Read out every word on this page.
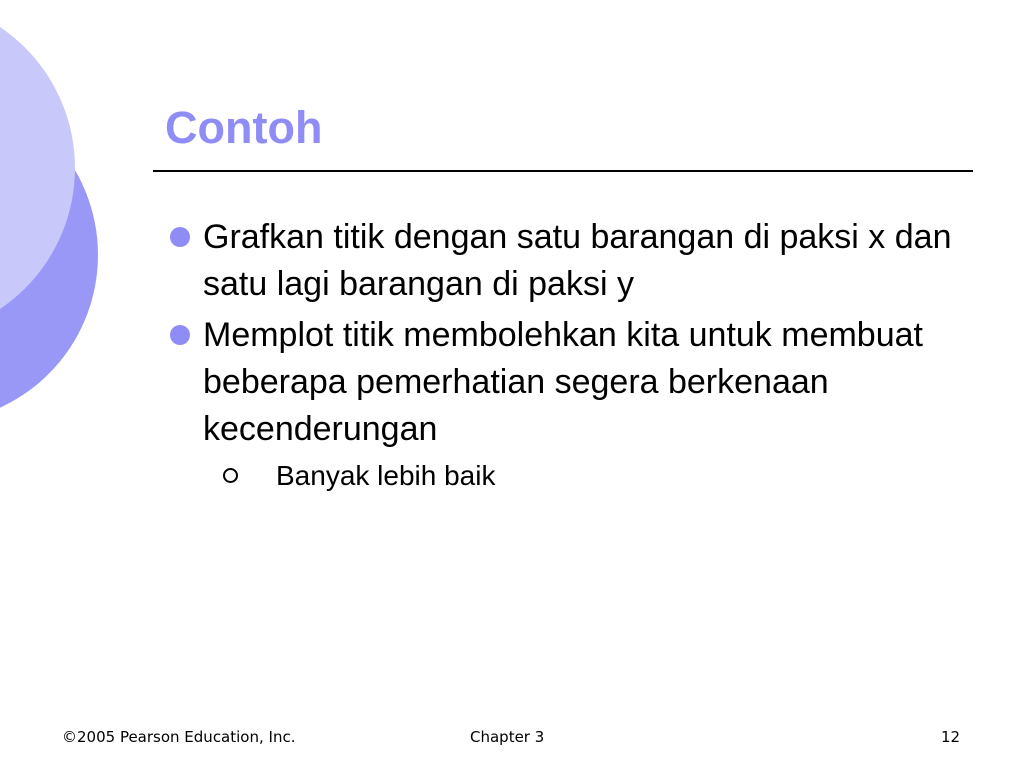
Contoh
Grafkan titik dengan satu barangan di paksi x dan satu lagi barangan di paksi y
Memplot titik membolehkan kita untuk membuat beberapa pemerhatian segera berkenaan kecenderungan
Banyak lebih baik
©2005 Pearson Education, Inc.	Chapter 3	12
